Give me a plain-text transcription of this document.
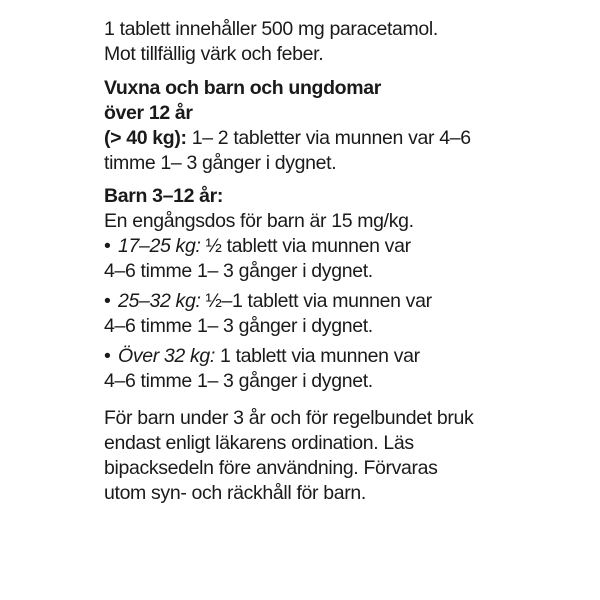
1 tablett innehåller 500 mg paracetamol.
Mot tillfällig värk och feber.

Vuxna och barn och ungdomar
över 12 år

(> 40 kg): 1– 2 tabletter via munnen var 4–6
timme 1– 3 gånger i dygnet.

Barn 3–12 år:

En engångsdos för barn är 15 mg/kg.

• 17–25 kg: ½ tablett via munnen var
4–6 timme 1– 3 gånger i dygnet.
• 25–32 kg: ½–1 tablett via munnen var
4–6 timme 1– 3 gånger i dygnet.
• Över 32 kg: 1 tablett via munnen var
4–6 timme 1– 3 gånger i dygnet.

För barn under 3 år och för regelbundet bruk
endast enligt läkarens ordination. Läs
bipacksedeln före användning. Förvaras
utom syn- och räckhåll för barn.
